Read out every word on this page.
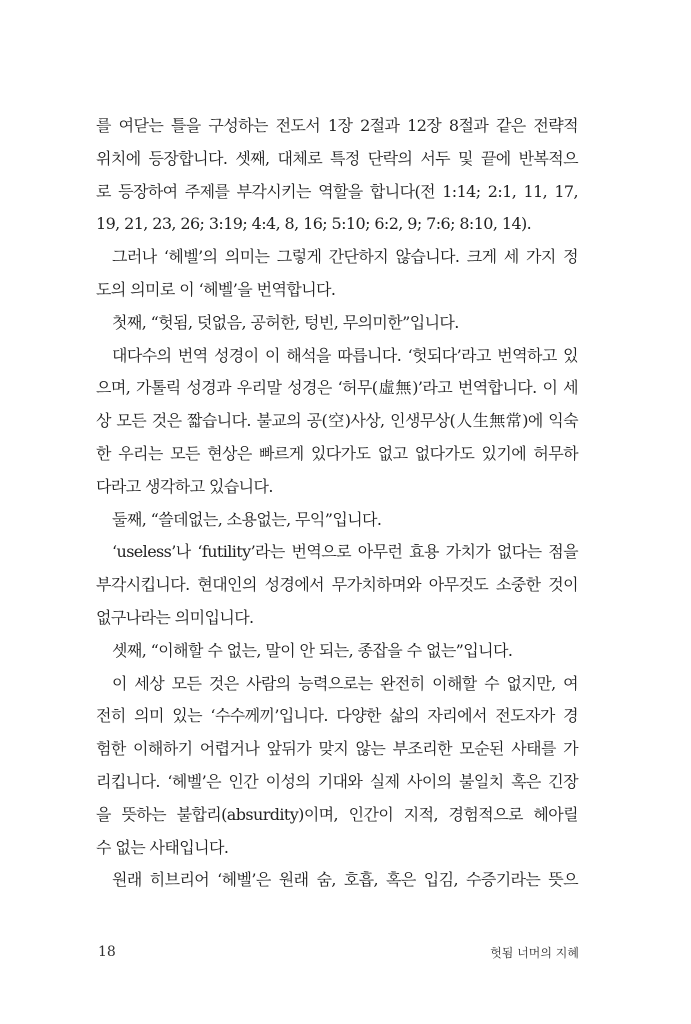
를 여닫는 틀을 구성하는 전도서 1장 2절과 12장 8절과 같은 전략적
위치에 등장합니다. 셋째, 대체로 특정 단락의 서두 및 끝에 반복적으
로 등장하여 주제를 부각시키는 역할을 합니다(전 1:14; 2:1, 11, 17,
19, 21, 23, 26; 3:19; 4:4, 8, 16; 5:10; 6:2, 9; 7:6; 8:10, 14).
그러나 ‘헤벨’의 의미는 그렇게 간단하지 않습니다. 크게 세 가지 정
도의 의미로 이 ‘헤벨’을 번역합니다.
첫째, “헛됨, 덧없음, 공허한, 텅빈, 무의미한”입니다.
대다수의 번역 성경이 이 해석을 따릅니다. ‘헛되다’라고 번역하고 있
으며, 가톨릭 성경과 우리말 성경은 ‘허무(虛無)’라고 번역합니다. 이 세
상 모든 것은 짧습니다. 불교의 공(空)사상, 인생무상(人生無常)에 익숙
한 우리는 모든 현상은 빠르게 있다가도 없고 없다가도 있기에 허무하
다라고 생각하고 있습니다.
둘째, “쓸데없는, 소용없는, 무익”입니다.
‘useless’나 ‘futility’라는 번역으로 아무런 효용 가치가 없다는 점을
부각시킵니다. 현대인의 성경에서 무가치하며와 아무것도 소중한 것이
없구나라는 의미입니다.
셋째, “이해할 수 없는, 말이 안 되는, 종잡을 수 없는”입니다.
이 세상 모든 것은 사람의 능력으로는 완전히 이해할 수 없지만, 여
전히 의미 있는 ‘수수께끼’입니다. 다양한 삶의 자리에서 전도자가 경
험한 이해하기 어렵거나 앞뒤가 맞지 않는 부조리한 모순된 사태를 가
리킵니다. ‘헤벨’은 인간 이성의 기대와 실제 사이의 불일치 혹은 긴장
을 뜻하는 불합리(absurdity)이며, 인간이 지적, 경험적으로 헤아릴
수 없는 사태입니다.
원래 히브리어 ‘헤벨’은 원래 숨, 호흡, 혹은 입김, 수증기라는 뜻으
18	헛됨 너머의 지혜
